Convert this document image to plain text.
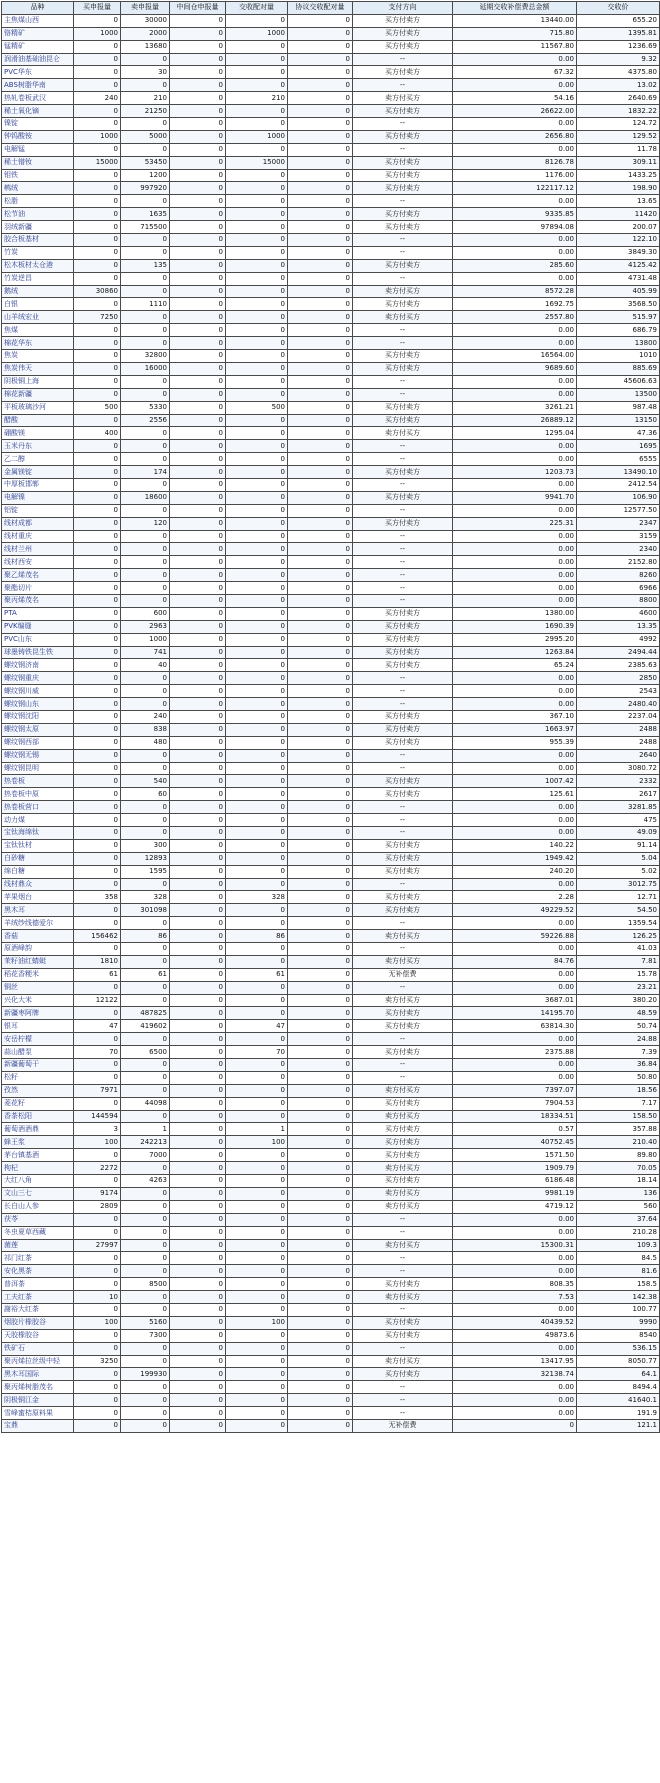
品种	买申报量	卖申报量	中间仓申报量	交收配对量	协议交收配对量	支付方向	延期交收补偿费总金额	交收价
主焦煤山西	0	30000	0	0	0	买方付卖方	13440.00	655.20
铬精矿	1000	2000	0	1000	0	买方付卖方	715.80	1395.81
锰精矿	0	13680	0	0	0	买方付卖方	11567.80	1236.69
润滑油基础油昆仑	0	0	0	0	0	--	0.00	9.32
PVC华东	0	30	0	0	0	买方付卖方	67.32	4375.80
ABS树脂华南	0	0	0	0	0	--	0.00	13.02
热轧卷板武汉	240	210	0	210	0	卖方付买方	54.16	2640.69
稀土氧化镝	0	21250	0	0	0	买方付卖方	26622.00	1832.22
镍锭	0	0	0	0	0	--	0.00	124.72
钟钨酸铵	1000	5000	0	1000	0	买方付卖方	2656.80	129.52
电解锰	0	0	0	0	0	--	0.00	11.78
稀土镨钕	15000	53450	0	15000	0	买方付卖方	8126.78	309.11
钼铁	0	1200	0	0	0	买方付卖方	1176.00	1433.25
鹌绒	0	997920	0	0	0	买方付卖方	122117.12	198.90
松脂	0	0	0	0	0	--	0.00	13.65
松节油	0	1635	0	0	0	买方付卖方	9335.85	11420
羽绒新疆	0	715500	0	0	0	买方付卖方	97894.08	200.07
胶合板基材	0	0	0	0	0	--	0.00	122.10
竹炭	0	0	0	0	0	--	0.00	3849.30
松木板材太仓港	0	135	0	0	0	买方付卖方	285.60	4125.42
竹炭逆昌	0	0	0	0	0	--	0.00	4731.48
鹅绒	30860	0	0	0	0	卖方付买方	8572.28	405.99
白银	0	1110	0	0	0	买方付卖方	1692.75	3568.50
山羊绒宏业	7250	0	0	0	0	卖方付买方	2557.80	515.97
焦煤	0	0	0	0	0	--	0.00	686.79
棉花华东	0	0	0	0	0	--	0.00	13800
焦炭	0	32800	0	0	0	买方付卖方	16564.00	1010
焦炭伟天	0	16000	0	0	0	买方付卖方	9689.60	885.69
阴极铜上海	0	0	0	0	0	--	0.00	45606.63
棉花新疆	0	0	0	0	0	--	0.00	13500
平板玻璃沙河	500	5330	0	500	0	买方付卖方	3261.21	987.48
醋酸	0	2556	0	0	0	买方付卖方	26889.12	13150
硼酸镁	400	0	0	0	0	卖方付买方	1295.04	47.36
玉米丹东	0	0	0	0	0	--	0.00	1695
乙二醇	0	0	0	0	0	--	0.00	6555
金属镁锭	0	174	0	0	0	买方付卖方	1203.73	13490.10
中厚板邯郸	0	0	0	0	0	--	0.00	2412.54
电解镍	0	18600	0	0	0	买方付卖方	9941.70	106.90
铝锭	0	0	0	0	0	--	0.00	12577.50
线材成都	0	120	0	0	0	买方付卖方	225.31	2347
线材重庆	0	0	0	0	0	--	0.00	3159
线材兰州	0	0	0	0	0	--	0.00	2340
线材西安	0	0	0	0	0	--	0.00	2152.80
聚乙烯茂名	0	0	0	0	0	--	0.00	8260
聚酯切片	0	0	0	0	0	--	0.00	6966
聚丙烯茂名	0	0	0	0	0	--	0.00	8800
PTA	0	600	0	0	0	买方付卖方	1380.00	4600
PVK编缝	0	2963	0	0	0	买方付卖方	1690.39	13.35
PVC山东	0	1000	0	0	0	买方付卖方	2995.20	4992
球墨铸铁昆生铁	0	741	0	0	0	买方付卖方	1263.84	2494.44
螺纹钢济南	0	40	0	0	0	买方付卖方	65.24	2385.63
螺纹钢重庆	0	0	0	0	0	--	0.00	2850
螺纹钢川威	0	0	0	0	0	--	0.00	2543
螺纹钢山东	0	0	0	0	0	--	0.00	2480.40
螺纹钢沈阳	0	240	0	0	0	买方付卖方	367.10	2237.04
螺纹钢太原	0	838	0	0	0	买方付卖方	1663.97	2488
螺纹钢西部	0	480	0	0	0	买方付卖方	955.39	2488
螺纹钢无锡	0	0	0	0	0	--	0.00	2640
螺纹钢昆明	0	0	0	0	0	--	0.00	3080.72
热卷板	0	540	0	0	0	买方付卖方	1007.42	2332
热卷板中原	0	60	0	0	0	买方付卖方	125.61	2617
热卷板营口	0	0	0	0	0	--	0.00	3281.85
动力煤	0	0	0	0	0	--	0.00	475
宝钛海绵钛	0	0	0	0	0	--	0.00	49.09
宝钛钛材	0	300	0	0	0	买方付卖方	140.22	91.14
白砂糖	0	12893	0	0	0	买方付卖方	1949.42	5.04
绵白糖	0	1595	0	0	0	买方付卖方	240.20	5.02
线材鼎众	0	0	0	0	0	--	0.00	3012.75
苹果烟台	358	328	0	328	0	买方付卖方	2.28	12.71
黑木耳	0	301098	0	0	0	买方付卖方	49229.52	54.50
羊绒纱线德爱尔	0	0	0	0	0	--	0.00	1359.54
香菇	156462	86	0	86	0	卖方付买方	59226.88	126.25
原酒峰韵	0	0	0	0	0	--	0.00	41.03
茉籽油红蜻蜓	1810	0	0	0	0	卖方付买方	84.76	7.81
稻花香粳米	61	61	0	61	0	无补偿费	0.00	15.78
铜丝	0	0	0	0	0	--	0.00	23.21
兴化大米	12122	0	0	0	0	卖方付买方	3687.01	380.20
新疆枣阿牌	0	487825	0	0	0	买方付卖方	14195.70	48.59
银耳	47	419602	0	47	0	买方付卖方	63814.30	50.74
安岳柠檬	0	0	0	0	0	--	0.00	24.88
蒜山醋泵	70	6500	0	70	0	买方付卖方	2375.88	7.39
新疆葡萄干	0	0	0	0	0	--	0.00	36.84
松籽	0	0	0	0	0	--	0.00	50.80
孜然	7971	0	0	0	0	卖方付买方	7397.07	18.56
菱花籽	0	44098	0	0	0	买方付卖方	7904.53	7.17
香茶松阳	144594	0	0	0	0	卖方付买方	18334.51	158.50
葡萄酒酒鼎	3	1	0	1	0	买方付卖方	0.57	357.88
蜂王浆	100	242213	0	100	0	买方付卖方	40752.45	210.40
茅台镇基酒	0	7000	0	0	0	买方付卖方	1571.50	89.80
枸杞	2272	0	0	0	0	卖方付买方	1909.79	70.05
大红八角	0	4263	0	0	0	买方付卖方	6186.48	18.14
文山三七	9174	0	0	0	0	卖方付买方	9981.19	136
长白山人参	2809	0	0	0	0	卖方付买方	4719.12	560
茯苓	0	0	0	0	0	--	0.00	37.64
冬虫夏草西藏	0	0	0	0	0	--	0.00	210.28
菌莲	27997	0	0	0	0	卖方付买方	15300.31	109.3
祁门红茶	0	0	0	0	0	--	0.00	84.5
安化黑茶	0	0	0	0	0	--	0.00	81.6
普洱茶	0	8500	0	0	0	买方付卖方	808.35	158.5
工夫红茶	10	0	0	0	0	卖方付买方	7.53	142.38
謝裕大红茶	0	0	0	0	0	--	0.00	100.77
烟胶片橡胶谷	100	5160	0	100	0	买方付卖方	40439.52	9990
天胶橡胶谷	0	7300	0	0	0	买方付卖方	49873.6	8540
铁矿石	0	0	0	0	0	--	0.00	536.15
聚丙烯拉丝级中轻	3250	0	0	0	0	卖方付买方	13417.95	8050.77
黑木耳国际	0	199930	0	0	0	买方付卖方	32138.74	64.1
聚丙烯树脂茂名	0	0	0	0	0	--	0.00	8494.4
阴极铜江金	0	0	0	0	0	--	0.00	41640.1
雪峰蜜桔原料果	0	0	0	0	0	--	0.00	191.9
宝鼎	0	0	0	0	0	无补偿费	0	121.1
